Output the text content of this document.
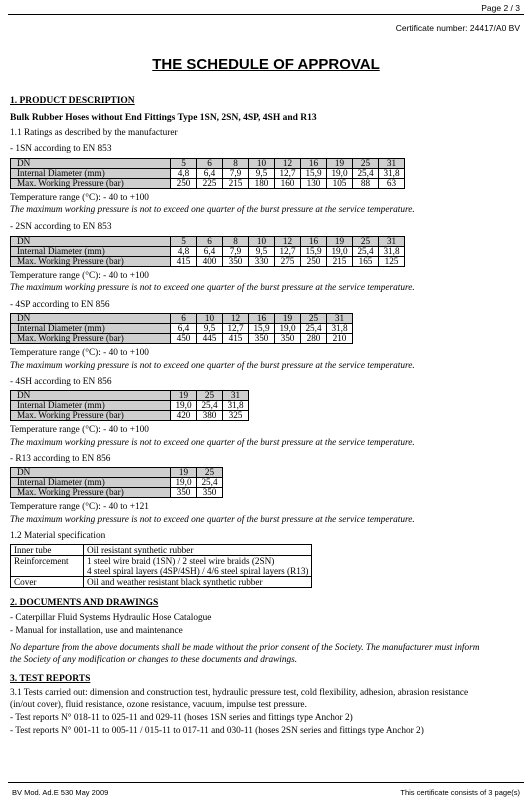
Page 2 / 3
Certificate number: 24417/A0 BV
THE SCHEDULE OF APPROVAL
1. PRODUCT DESCRIPTION
Bulk Rubber Hoses without End Fittings Type 1SN, 2SN, 4SP, 4SH and R13
1.1 Ratings as described by the manufacturer
- 1SN according to EN 853
DN	5	6	8	10	12	16	19	25	31
Internal Diameter (mm)	4,8	6,4	7,9	9,5	12,7	15,9	19,0	25,4	31,8
Max. Working Pressure (bar)	250	225	215	180	160	130	105	88	63
Temperature range (°C): - 40 to +100
The maximum working pressure is not to exceed one quarter of the burst pressure at the service temperature.
- 2SN according to EN 853
DN	5	6	8	10	12	16	19	25	31
Internal Diameter (mm)	4,8	6,4	7,9	9,5	12,7	15,9	19,0	25,4	31,8
Max. Working Pressure (bar)	415	400	350	330	275	250	215	165	125
Temperature range (°C): - 40 to +100
The maximum working pressure is not to exceed one quarter of the burst pressure at the service temperature.
- 4SP according to EN 856
DN	6	10	12	16	19	25	31
Internal Diameter (mm)	6,4	9,5	12,7	15,9	19,0	25,4	31,8
Max. Working Pressure (bar)	450	445	415	350	350	280	210
Temperature range (°C): - 40 to +100
The maximum working pressure is not to exceed one quarter of the burst pressure at the service temperature.
- 4SH according to EN 856
DN	19	25	31
Internal Diameter (mm)	19,0	25,4	31,8
Max. Working Pressure (bar)	420	380	325
Temperature range (°C): - 40 to +100
The maximum working pressure is not to exceed one quarter of the burst pressure at the service temperature.
- R13 according to EN 856
DN	19	25
Internal Diameter (mm)	19,0	25,4
Max. Working Pressure (bar)	350	350
Temperature range (°C): - 40 to +121
The maximum working pressure is not to exceed one quarter of the burst pressure at the service temperature.
1.2 Material specification
Inner tube	Oil resistant synthetic rubber
Reinforcement	1 steel wire braid (1SN) / 2 steel wire braids (2SN)
4 steel spiral layers (4SP/4SH) / 4/6 steel spiral layers (R13)

Cover	Oil and weather resistant black synthetic rubber
2. DOCUMENTS AND DRAWINGS
- Caterpillar Fluid Systems Hydraulic Hose Catalogue
- Manual for installation, use and maintenance
No departure from the above documents shall be made without the prior consent of the Society. The manufacturer must inform
the Society of any modification or changes to these documents and drawings.
3. TEST REPORTS
3.1 Tests carried out: dimension and construction test, hydraulic pressure test, cold flexibility, adhesion, abrasion resistance
(in/out cover), fluid resistance, ozone resistance, vacuum, impulse test pressure.
- Test reports N° 018-11 to 025-11 and 029-11 (hoses 1SN series and fittings type Anchor 2)
- Test reports N° 001-11 to 005-11 / 015-11 to 017-11 and 030-11 (hoses 2SN series and fittings type Anchor 2)
BV Mod. Ad.E 530 May 2009	This certificate consists of 3 page(s)
